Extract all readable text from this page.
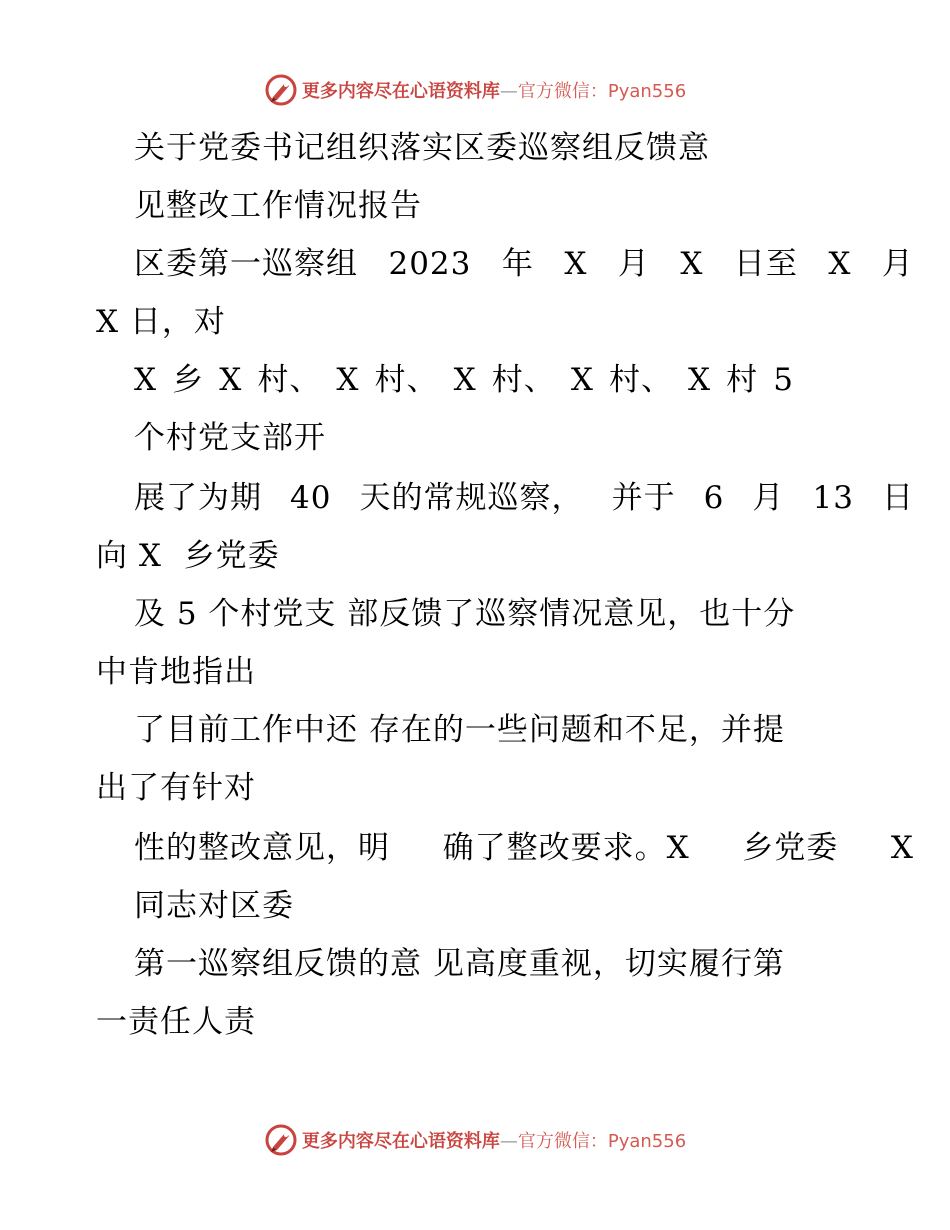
更多内容尽在心语资料库—官方微信：Pyan556
关于党委书记组织落实区委巡察组反馈意
见整改工作情况报告
区委第一巡察组 2023 年 X 月 X 日至 X 月
X 日，对
X 乡 X 村、 X 村、 X 村、 X 村、 X 村 5
个村党支部开
展了为期 40 天的常规巡察， 并于 6 月 13 日
向 X  乡党委
及 5 个村党支 部反馈了巡察情况意见，也十分
中肯地指出
了目前工作中还 存在的一些问题和不足，并提
出了有针对
性的整改意见，明 确了整改要求。X 乡党委 X
同志对区委
第一巡察组反馈的意 见高度重视，切实履行第
一责任人责
更多内容尽在心语资料库—官方微信：Pyan556
